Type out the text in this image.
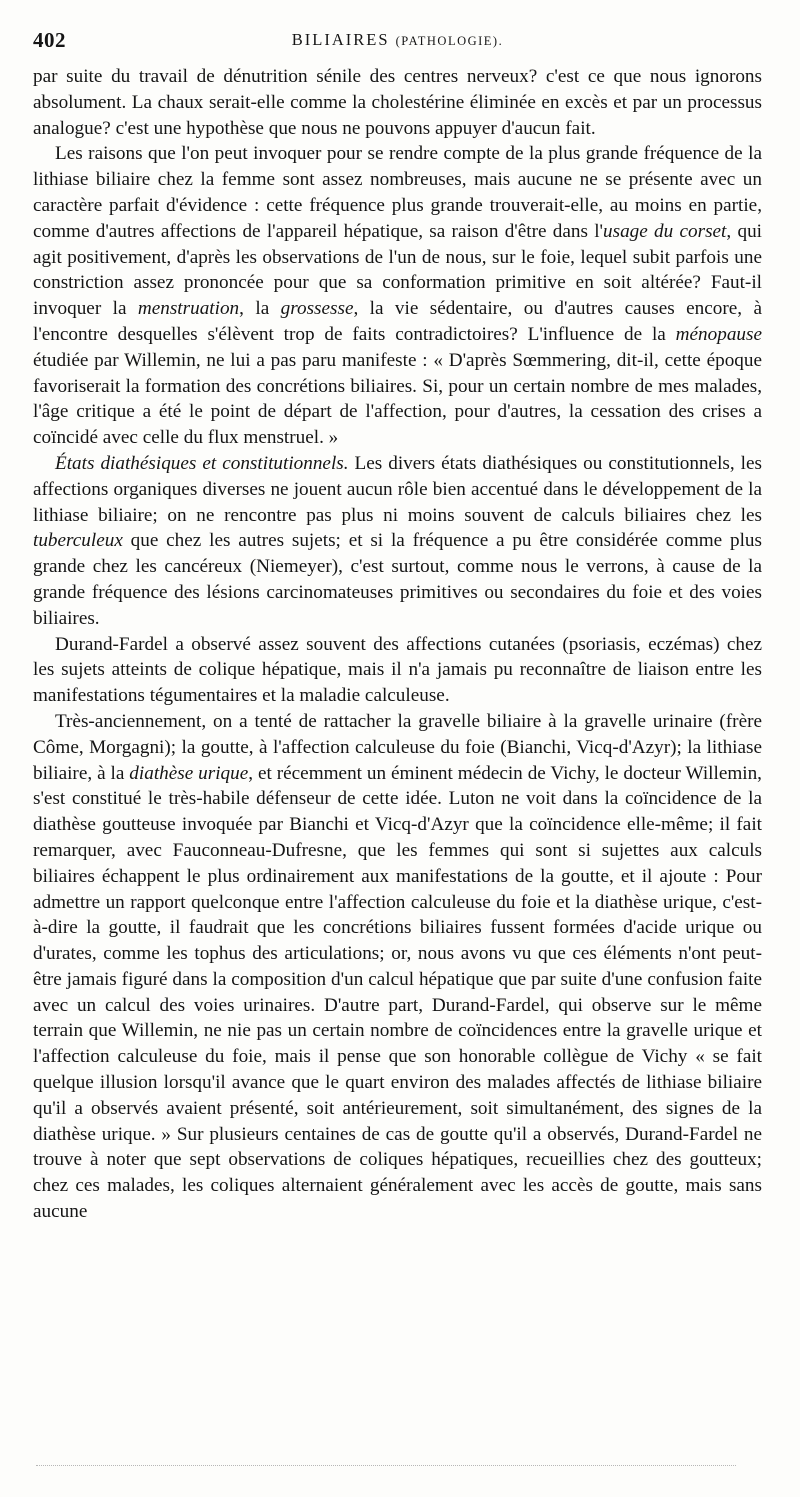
402	BILIAIRES (PATHOLOGIE).

par suite du travail de dénutrition sénile des centres nerveux? c'est ce que nous ignorons absolument. La chaux serait-elle comme la cholestérine éliminée en excès et par un processus analogue? c'est une hypothèse que nous ne pouvons appuyer d'aucun fait.

Les raisons que l'on peut invoquer pour se rendre compte de la plus grande fréquence de la lithiase biliaire chez la femme sont assez nombreuses, mais aucune ne se présente avec un caractère parfait d'évidence : cette fréquence plus grande trouverait-elle, au moins en partie, comme d'autres affections de l'appareil hépatique, sa raison d'être dans l'usage du corset, qui agit positivement, d'après les observations de l'un de nous, sur le foie, lequel subit parfois une constriction assez prononcée pour que sa conformation primitive en soit altérée? Faut-il invoquer la menstruation, la grossesse, la vie sédentaire, ou d'autres causes encore, à l'encontre desquelles s'élèvent trop de faits contradictoires? L'influence de la ménopause étudiée par Willemin, ne lui a pas paru manifeste : « D'après Sœmmering, dit-il, cette époque favoriserait la formation des concrétions biliaires. Si, pour un certain nombre de mes malades, l'âge critique a été le point de départ de l'affection, pour d'autres, la cessation des crises a coïncidé avec celle du flux menstruel. »

États diathésiques et constitutionnels. Les divers états diathésiques ou constitutionnels, les affections organiques diverses ne jouent aucun rôle bien accentué dans le développement de la lithiase biliaire; on ne rencontre pas plus ni moins souvent de calculs biliaires chez les tuberculeux que chez les autres sujets; et si la fréquence a pu être considérée comme plus grande chez les cancéreux (Niemeyer), c'est surtout, comme nous le verrons, à cause de la grande fréquence des lésions carcinomateuses primitives ou secondaires du foie et des voies biliaires.

Durand-Fardel a observé assez souvent des affections cutanées (psoriasis, eczémas) chez les sujets atteints de colique hépatique, mais il n'a jamais pu reconnaître de liaison entre les manifestations tégumentaires et la maladie calculeuse.

Très-anciennement, on a tenté de rattacher la gravelle biliaire à la gravelle urinaire (frère Côme, Morgagni); la goutte, à l'affection calculeuse du foie (Bianchi, Vicq-d'Azyr); la lithiase biliaire, à la diathèse urique, et récemment un éminent médecin de Vichy, le docteur Willemin, s'est constitué le très-habile défenseur de cette idée. Luton ne voit dans la coïncidence de la diathèse goutteuse invoquée par Bianchi et Vicq-d'Azyr que la coïncidence elle-même; il fait remarquer, avec Fauconneau-Dufresne, que les femmes qui sont si sujettes aux calculs biliaires échappent le plus ordinairement aux manifestations de la goutte, et il ajoute : Pour admettre un rapport quelconque entre l'affection calculeuse du foie et la diathèse urique, c'est-à-dire la goutte, il faudrait que les concrétions biliaires fussent formées d'acide urique ou d'urates, comme les tophus des articulations; or, nous avons vu que ces éléments n'ont peut-être jamais figuré dans la composition d'un calcul hépatique que par suite d'une confusion faite avec un calcul des voies urinaires. D'autre part, Durand-Fardel, qui observe sur le même terrain que Willemin, ne nie pas un certain nombre de coïncidences entre la gravelle urique et l'affection calculeuse du foie, mais il pense que son honorable collègue de Vichy « se fait quelque illusion lorsqu'il avance que le quart environ des malades affectés de lithiase biliaire qu'il a observés avaient présenté, soit antérieurement, soit simultanément, des signes de la diathèse urique. » Sur plusieurs centaines de cas de goutte qu'il a observés, Durand-Fardel ne trouve à noter que sept observations de coliques hépatiques, recueillies chez des goutteux; chez ces malades, les coliques alternaient généralement avec les accès de goutte, mais sans aucune
